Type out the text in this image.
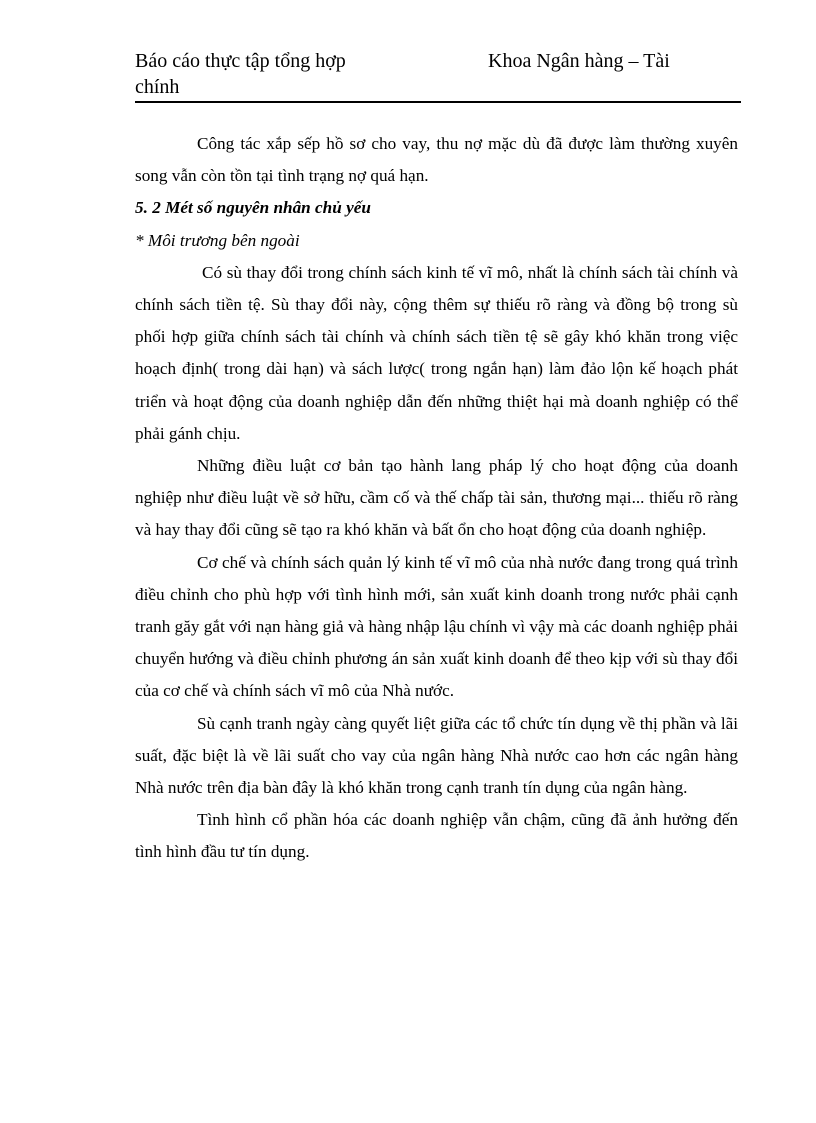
Báo cáo thực tập tổng hợp chính
Khoa Ngân hàng – Tài

Công tác xắp sếp hồ sơ cho vay, thu nợ mặc dù đã được làm thường xuyên song vẫn còn tồn tại tình trạng nợ quá hạn.

5. 2 Mét số nguyên nhân chủ yếu

* Môi trương bên ngoài

Có sù thay đổi trong chính sách kinh tế vĩ mô, nhất là chính sách tài chính và chính sách tiền tệ. Sù thay đổi này, cộng thêm sự thiếu rõ ràng và đồng bộ trong sù phối hợp giữa chính sách tài chính và chính sách tiền tệ sẽ gây khó khăn trong việc hoạch định( trong dài hạn) và sách lược( trong ngắn hạn) làm đảo lộn kế hoạch phát triển và hoạt động của doanh nghiệp dẫn đến những thiệt hại mà doanh nghiệp có thể phải gánh chịu.

Những điều luật cơ bản tạo hành lang pháp lý cho hoạt động của doanh nghiệp như điều luật về sở hữu, cầm cố và thế chấp tài sản, thương mại... thiếu rõ ràng và hay thay đổi cũng sẽ tạo ra khó khăn và bất ổn cho hoạt động của doanh nghiệp.

Cơ chế và chính sách quản lý kinh tế vĩ mô của nhà nước đang trong quá trình điều chỉnh cho phù hợp với tình hình mới, sản xuất kinh doanh trong nước phải cạnh tranh găy gắt với nạn hàng giả và hàng nhập lậu chính vì vậy mà các doanh nghiệp phải chuyển hướng và điều chỉnh phương án sản xuất kinh doanh để theo kịp với sù thay đổi của cơ chế và chính sách vĩ mô của Nhà nước.

Sù cạnh tranh ngày càng quyết liệt giữa các tổ chức tín dụng về thị phần và lãi suất, đặc biệt là về lãi suất cho vay của ngân hàng Nhà nước cao hơn các ngân hàng Nhà nước trên địa bàn đây là khó khăn trong cạnh tranh tín dụng của ngân hàng.

Tình hình cổ phần hóa các doanh nghiệp vẫn chậm, cũng đã ảnh hưởng đến tình hình đầu tư tín dụng.
